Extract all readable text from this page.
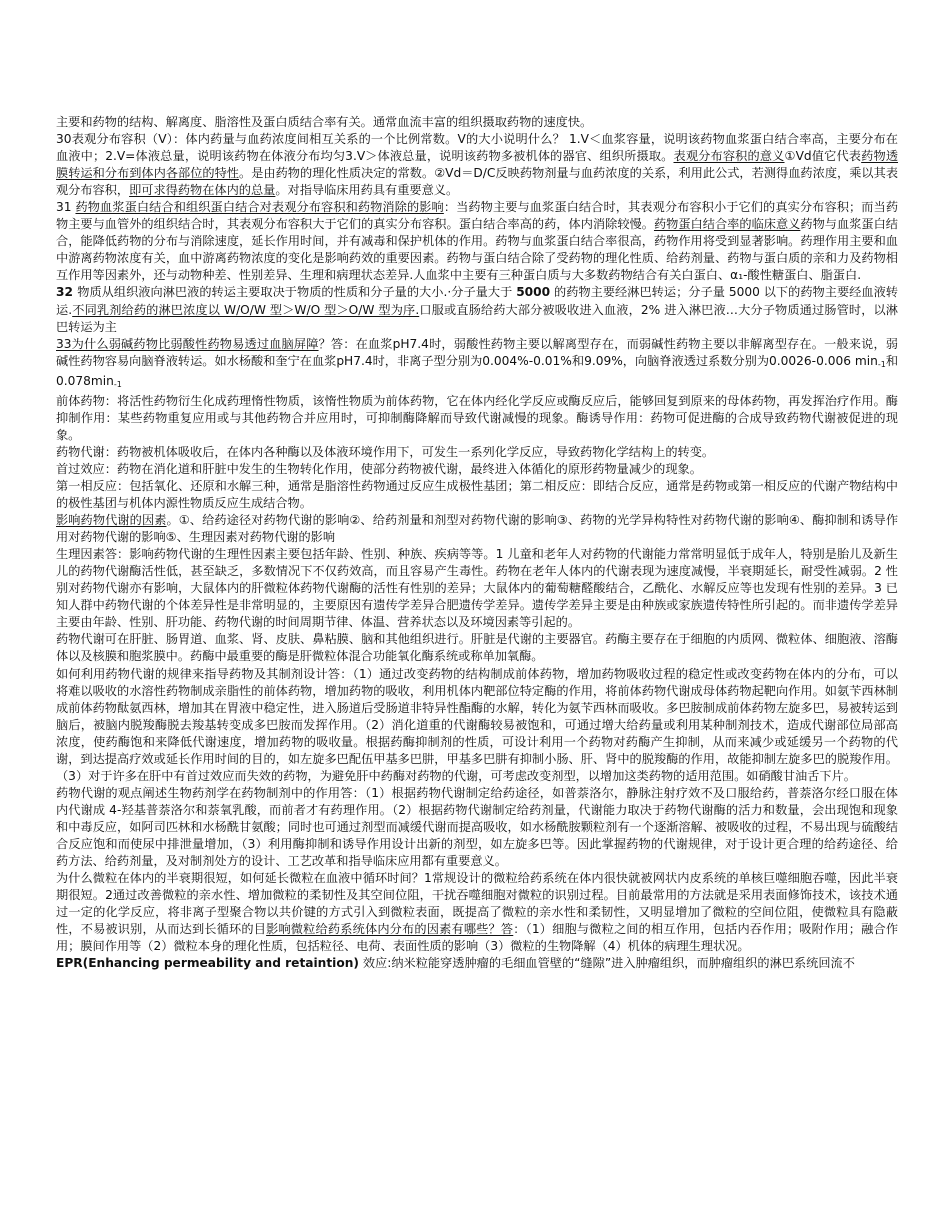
主要和药物的结构、解离度、脂溶性及蛋白质结合率有关。通常血流丰富的组织摄取药物的速度快。

30表观分布容积（V）：体内药量与血药浓度间相互关系的一个比例常数。V的大小说明什么？ 1.V＜血浆容量，说明该药物血浆蛋白结合率高，主要分布在血液中；2.V=体液总量，说明该药物在体液分布均匀3.V＞体液总量，说明该药物多被机体的器官、组织所摄取。表观分布容积的意义①Vd值它代表药物透膜转运和分布到体内各部位的特性。是由药物的理化性质决定的常数。②Vd＝D/C反映药物剂量与血药浓度的关系，利用此公式，若测得血药浓度，乘以其表观分布容积，即可求得药物在体内的总量。对指导临床用药具有重要意义。

31 药物血浆蛋白结合和组织蛋白结合对表观分布容积和药物消除的影响：当药物主要与血浆蛋白结合时，其表观分布容积小于它们的真实分布容积；而当药物主要与血管外的组织结合时，其表观分布容积大于它们的真实分布容积。蛋白结合率高的药，体内消除较慢。药物蛋白结合率的临床意义药物与血浆蛋白结合，能降低药物的分布与消除速度，延长作用时间，并有减毒和保护机体的作用。药物与血浆蛋白结合率很高，药物作用将受到显著影响。药理作用主要和血中游离药物浓度有关，血中游离药物浓度的变化是影响药效的重要因素。药物与蛋白结合除了受药物的理化性质、给药剂量、药物与蛋白质的亲和力及药物相互作用等因素外，还与动物种差、性别差异、生理和病理状态差异.人血浆中主要有三种蛋白质与大多数药物结合有关白蛋白、α₁-酸性糖蛋白、脂蛋白.

32 物质从组织液向淋巴液的转运主要取决于物质的性质和分子量的大小.·分子量大于 5000 的药物主要经淋巴转运；分子量 5000 以下的药物主要经血液转运.不同乳剂给药的淋巴浓度以 W/O/W 型＞W/O 型＞O/W 型为序.口服或直肠给药大部分被吸收进入血液，2% 进入淋巴液…大分子物质通过肠管时，以淋巴转运为主

33为什么弱碱药物比弱酸性药物易透过血脑屏障？答：在血浆pH7.4时，弱酸性药物主要以解离型存在，而弱碱性药物主要以非解离型存在。一般来说，弱碱性药物容易向脑脊液转运。如水杨酸和奎宁在血浆pH7.4时，非离子型分别为0.004%-0.01%和9.09%，向脑脊液透过系数分别为0.0026-0.006 $\min_{-1}$和$0.078\min_{-1}$

前体药物：将活性药物衍生化成药理惰性物质，该惰性物质为前体药物，它在体内经化学反应或酶反应后，能够回复到原来的母体药物，再发挥治疗作用。酶抑制作用：某些药物重复应用或与其他药物合并应用时，可抑制酶降解而导致代谢减慢的现象。酶诱导作用：药物可促进酶的合成导致药物代谢被促进的现象。

药物代谢：药物被机体吸收后，在体内各种酶以及体液环境作用下，可发生一系列化学反应，导致药物化学结构上的转变。

首过效应：药物在消化道和肝脏中发生的生物转化作用，使部分药物被代谢，最终进入体循化的原形药物量减少的现象。

第一相反应：包括氧化、还原和水解三种，通常是脂溶性药物通过反应生成极性基团；第二相反应：即结合反应，通常是药物或第一相反应的代谢产物结构中的极性基团与机体内源性物质反应生成结合物。

影响药物代谢的因素。①、给药途径对药物代谢的影响②、给药剂量和剂型对药物代谢的影响③、药物的光学异构特性对药物代谢的影响④、酶抑制和诱导作用对药物代谢的影响⑤、生理因素对药物代谢的影响

生理因素答：影响药物代谢的生理性因素主要包括年龄、性别、种族、疾病等等。1 儿童和老年人对药物的代谢能力常常明显低于成年人，特别是胎儿及新生儿的药物代谢酶活性低，甚至缺乏，多数情况下不仅药效高，而且容易产生毒性。药物在老年人体内的代谢表现为速度减慢，半衰期延长，耐受性减弱。2 性别对药物代谢亦有影响，大鼠体内的肝微粒体药物代谢酶的活性有性别的差异；大鼠体内的葡萄糖醛酸结合，乙酰化、水解反应等也发现有性别的差异。3 已知人群中药物代谢的个体差异性是非常明显的，主要原因有遗传学差异合肥遗传学差异。遗传学差异主要是由种族或家族遗传特性所引起的。而非遗传学差异主要由年龄、性别、肝功能、药物代谢的时间周期节律、体温、营养状态以及环境因素等引起的。

药物代谢可在肝脏、肠胃道、血浆、肾、皮肤、鼻粘膜、脑和其他组织进行。肝脏是代谢的主要器官。药酶主要存在于细胞的内质网、微粒体、细胞液、溶酶体以及核膜和胞浆膜中。药酶中最重要的酶是肝微粒体混合功能氧化酶系统或称单加氧酶。

如何利用药物代谢的规律来指导药物及其制剂设计答：（1）通过改变药物的结构制成前体药物，增加药物吸收过程的稳定性或改变药物在体内的分布，可以将难以吸收的水溶性药物制成亲脂性的前体药物，增加药物的吸收，利用机体内靶部位特定酶的作用，将前体药物代谢成母体药物起靶向作用。如氨苄西林制成前体药物酞氨西林，增加其在胃液中稳定性，进入肠道后受肠道非特异性酯酶的水解，转化为氨苄西林而吸收。多巴胺制成前体药物左旋多巴，易被转运到脑后，被脑内脱羧酶脱去羧基转变成多巴胺而发挥作用。（2）消化道重的代谢酶较易被饱和，可通过增大给药量或利用某种制剂技术，造成代谢部位局部高浓度，使药酶饱和来降低代谢速度，增加药物的吸收量。根据药酶抑制剂的性质，可设计利用一个药物对药酶产生抑制，从而来减少或延缓另一个药物的代谢，到达提高疗效或延长作用时间的目的，如左旋多巴配伍甲基多巴肼，甲基多巴肼有抑制小肠、肝、肾中的脱羧酶的作用，故能抑制左旋多巴的脱羧作用。（3）对于许多在肝中有首过效应而失效的药物，为避免肝中药酶对药物的代谢，可考虑改变剂型，以增加这类药物的适用范围。如硝酸甘油舌下片。

药物代谢的观点阐述生物药剂学在药物制剂中的作用答：（1）根据药物代谢制定给药途径，如普萘洛尔，静脉注射疗效不及口服给药，普萘洛尔经口服在体内代谢成 4-羟基普萘洛尔和萘氧乳酸，而前者才有药理作用。（2）根据药物代谢制定给药剂量，代谢能力取决于药物代谢酶的活力和数量，会出现饱和现象和中毒反应，如阿司匹林和水杨酰甘氨酸；同时也可通过剂型而减缓代谢而提高吸收，如水杨酰胺颗粒剂有一个逐渐溶解、被吸收的过程，不易出现与硫酸结合反应饱和而使尿中排泄量增加，（3）利用酶抑制和诱导作用设计出新的剂型，如左旋多巴等。因此掌握药物的代谢规律，对于设计更合理的给药途径、给药方法、给药剂量，及对制剂处方的设计、工艺改革和指导临床应用都有重要意义。

为什么微粒在体内的半衰期很短，如何延长微粒在血液中循环时间？1常规设计的微粒给药系统在体内很快就被网状内皮系统的单核巨噬细胞吞噬，因此半衰期很短。2通过改善微粒的亲水性、增加微粒的柔韧性及其空间位阻，干扰吞噬细胞对微粒的识别过程。目前最常用的方法就是采用表面修饰技术，该技术通过一定的化学反应，将非离子型聚合物以共价键的方式引入到微粒表面，既提高了微粒的亲水性和柔韧性，又明显增加了微粒的空间位阻，使微粒具有隐蔽性，不易被识别，从而达到长循环的目影响微粒给药系统体内分布的因素有哪些？答：（1）细胞与微粒之间的相互作用，包括内吞作用；吸附作用；融合作用；膜间作用等（2）微粒本身的理化性质，包括粒径、电荷、表面性质的影响（3）微粒的生物降解（4）机体的病理生理状况。

EPR(Enhancing permeability and retaintion) 效应:纳米粒能穿透肿瘤的毛细血管壁的“缝隙”进入肿瘤组织，而肿瘤组织的淋巴系统回流不
